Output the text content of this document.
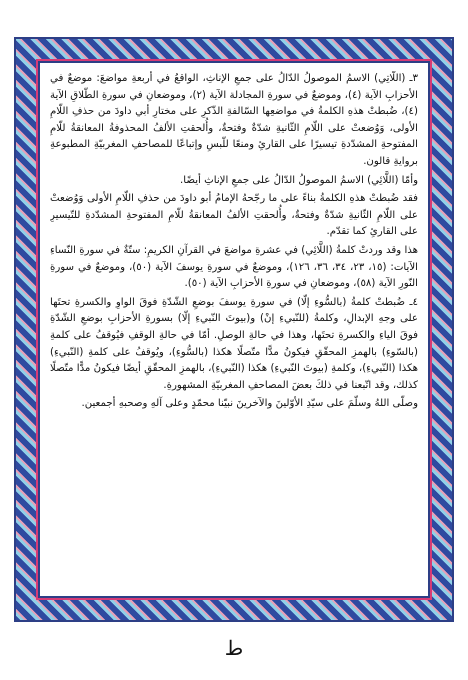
٣ـ (اللَّاتِي) الاسمُ الموصولُ الدّالُ على جمعِ الإناثِ، الواقعُ في أربعةِ مواضعَ: موضعٌ في الأحزابِ الآية (٤)، وموضعٌ في سورةِ المجادلة الآية (٢)، وموضعانِ في سورةِ الطّلاقِ الآية (٤)، ضُبطتْ هذهِ الكلمةُ في مواضعِها السّالفةِ الذّكرِ على مختارِ أبي داودَ من حذفِ اللّامِ الأولى، وَوُضعتْ على اللّامِ الثّانيةِ شدّةٌ وفتحةٌ، وأُلحقتِ الألفُ المحذوفةُ المعانقةُ للّامِ المفتوحةِ المشدّدةِ تيسيرًا على القارئِ ومنعًا للّبسِ وإتباعًا للمصاحفِ المغربيّةِ المطبوعةِ بروايةِ قالون.

وأمّا (اللَّائِي) الاسمُ الموصولُ الدّالُ على جمعِ الإناثِ أيضًا.

فقد ضُبطتْ هذهِ الكلمةُ بناءً على ما رجّحهُ الإمامُ أبو داودَ من حذفِ اللّامِ الأولى وَوُضعتْ على اللّامِ الثّانيةِ شدّةٌ وفتحةٌ، وأُلحقتِ الألفُ المعانقةُ للّامِ المفتوحةِ المشدّدةِ للتّيسيرِ على القارئِ كما تقدّم.

هذا وقد وردتْ كلمةُ (اللَّائِي) في عشرةِ مواضعَ في القرآنِ الكريمِ: ستّةٌ في سورةِ النّساءِ الآيات: (١٥، ٢٣، ٣٤، ٣٦، ١٢٦)، وموضعٌ في سورةِ يوسفَ الآية (٥٠)، وموضعٌ في سورةِ النّورِ الآية (٥٨)، وموضعانِ في سورةِ الأحزابِ الآية (٥٠).

٤ـ ضُبطتْ كلمةُ (بالسُّوءِ إلّا) في سورةِ يوسفَ بوضعِ الشّدّةِ فوقَ الواوِ والكسرةِ تحتَها على وجهِ الإبدالِ، وكلمةُ (للنّبيءِ إنْ) و(بيوتَ النّبيءِ إلّا) بسورةِ الأحزابِ بوضعِ الشّدّةِ فوقَ الياءِ والكسرةِ تحتَها، وهذا في حالةِ الوصلِ. أمّا في حالةِ الوقفِ فيُوقفُ على كلمةِ (بالسّوءِ) بالهمزِ المحقّقِ فيكونُ مدًّا متّصلًا هكذا (بالسُّوءِ)، ويُوقفُ على كلمةِ (النّبيءِ) هكذا (النّبيءِ)، وكلمةِ (بيوتَ النّبيءِ) هكذا (النّبيءِ)، بالهمزِ المحقّقِ أيضًا فيكونُ مدًّا متّصلًا كذلك، وقد اتّبعنا في ذلكَ بعضَ المصاحفِ المغربيّةِ المشهورةِ.

وصلّى اللهُ وسلّمَ على سيّدِ الأوّلينَ والآخرينَ نبيّنا محمّدٍ وعلى آلهِ وصحبهِ أجمعين.

ط
